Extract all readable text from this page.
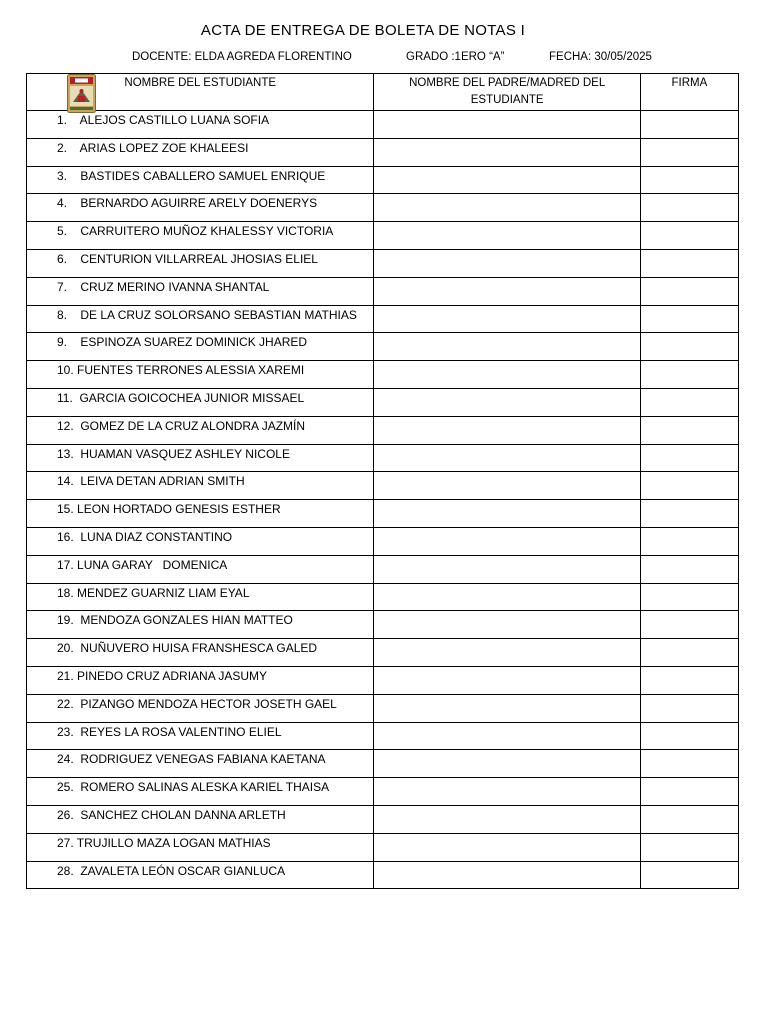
ACTA DE ENTREGA DE BOLETA DE NOTAS I
DOCENTE: ELDA AGREDA FLORENTINO	GRADO :1ERO “A”	FECHA: 30/05/2025
NOMBRE DEL ESTUDIANTE	NOMBRE DEL PADRE/MADRED DEL ESTUDIANTE	FIRMA

1.    ALEJOS CASTILLO LUANA SOFIA		

2.    ARIAS LOPEZ ZOE KHALEESI		

3.    BASTIDES CABALLERO SAMUEL ENRIQUE		

4.    BERNARDO AGUIRRE ARELY DOENERYS		

5.    CARRUITERO MUÑOZ KHALESSY VICTORIA		

6.    CENTURION VILLARREAL JHOSIAS ELIEL		

7.    CRUZ MERINO IVANNA SHANTAL		

8.    DE LA CRUZ SOLORSANO SEBASTIAN MATHIAS		

9.    ESPINOZA SUAREZ DOMINICK JHARED		

10. FUENTES TERRONES ALESSIA XAREMI		

11.  GARCIA GOICOCHEA JUNIOR MISSAEL		

12.  GOMEZ DE LA CRUZ ALONDRA JAZMÍN		

13.  HUAMAN VASQUEZ ASHLEY NICOLE		

14.  LEIVA DETAN ADRIAN SMITH		

15. LEON HORTADO GENESIS ESTHER		

16.  LUNA DIAZ CONSTANTINO		

17. LUNA GARAY   DOMENICA		

18. MENDEZ GUARNIZ LIAM EYAL		

19.  MENDOZA GONZALES HIAN MATTEO		

20.  NUÑUVERO HUISA FRANSHESCA GALED		

21. PINEDO CRUZ ADRIANA JASUMY		

22.  PIZANGO MENDOZA HECTOR JOSETH GAEL		

23.  REYES LA ROSA VALENTINO ELIEL		

24.  RODRIGUEZ VENEGAS FABIANA KAETANA		

25.  ROMERO SALINAS ALESKA KARIEL THAISA		

26.  SANCHEZ CHOLAN DANNA ARLETH		

27. TRUJILLO MAZA LOGAN MATHIAS		

28.  ZAVALETA LEÓN OSCAR GIANLUCA		
